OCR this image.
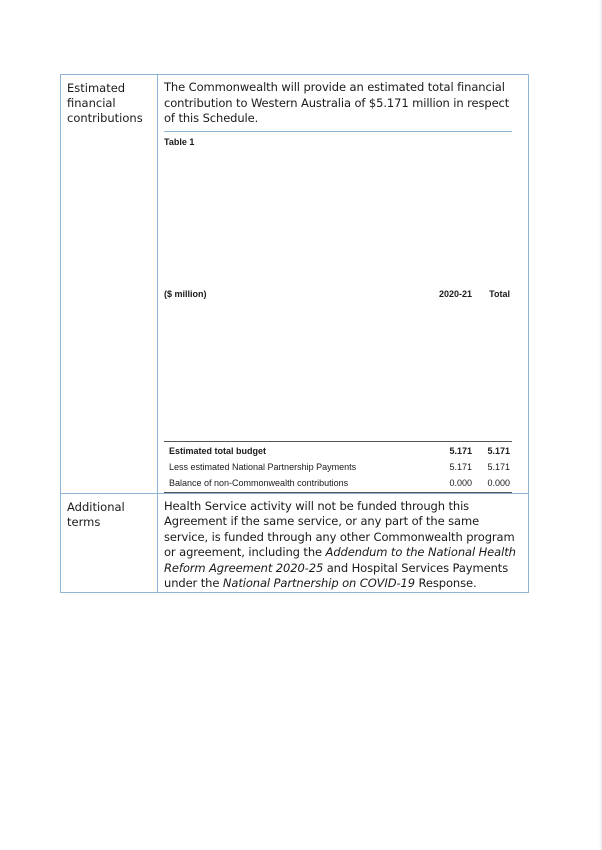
Estimated financial contributions	

The Commonwealth will provide an estimated total financial contribution to Western Australia of $5.171 million in respect of this Schedule.

Table 1
($ million)	2020-21	Total
Estimated total budget	5.171	5.171
Less estimated National Partnership Payments	5.171	5.171
Balance of non-Commonwealth contributions	0.000	0.000

Additional terms	

Health Service activity will not be funded through this Agreement if the same service, or any part of the same service, is funded through any other Commonwealth program or agreement, including the Addendum to the National Health Reform Agreement 2020-25 and Hospital Services Payments under the National Partnership on COVID-19 Response.
